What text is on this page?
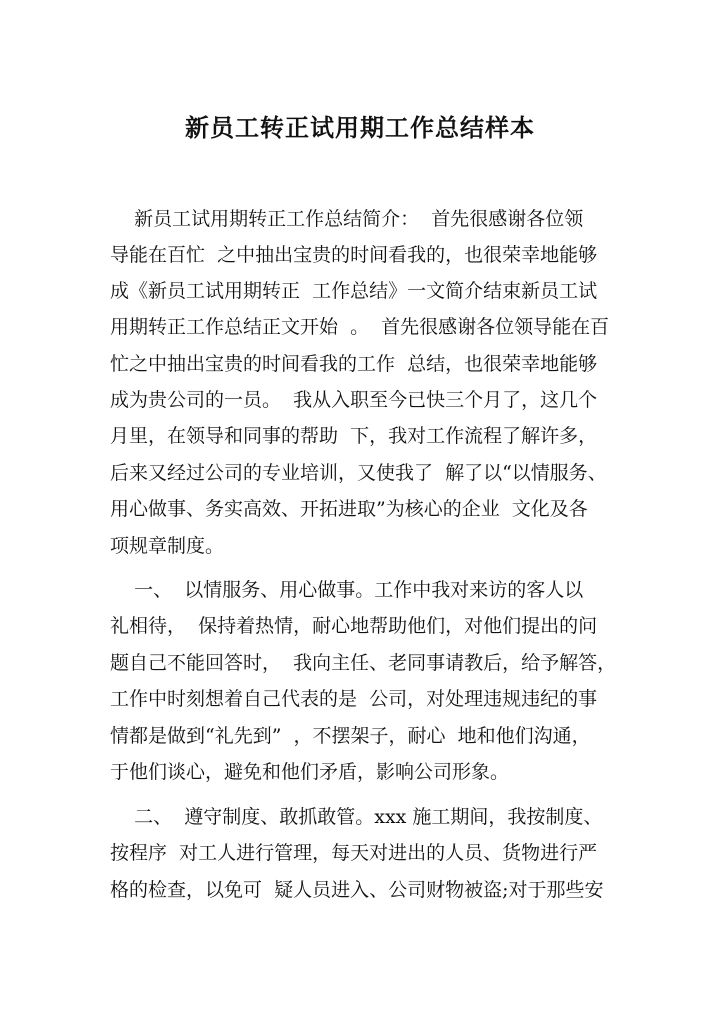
新员工转正试用期工作总结样本
新员工试用期转正工作总结简介：  首先很感谢各位领
导能在百忙  之中抽出宝贵的时间看我的，也很荣幸地能够
成《新员工试用期转正  工作总结》一文简介结束新员工试
用期转正工作总结正文开始  。  首先很感谢各位领导能在百
忙之中抽出宝贵的时间看我的工作  总结，也很荣幸地能够
成为贵公司的一员。  我从入职至今已快三个月了，这几个
月里，在领导和同事的帮助  下，我对工作流程了解许多，
后来又经过公司的专业培训，又使我了  解了以“以情服务、
用心做事、务实高效、开拓进取”为核心的企业  文化及各
项规章制度。
一、  以情服务、用心做事。工作中我对来访的客人以
礼相待，  保持着热情，耐心地帮助他们，对他们提出的问
题自己不能回答时，  我向主任、老同事请教后，给予解答，
工作中时刻想着自己代表的是  公司，对处理违规违纪的事
情都是做到“礼先到”  ，不摆架子，耐心  地和他们沟通，
于他们谈心，避免和他们矛盾，影响公司形象。
二、  遵守制度、敢抓敢管。xxx 施工期间，我按制度、
按程序  对工人进行管理，每天对进出的人员、货物进行严
格的检查，以免可  疑人员进入、公司财物被盗;对于那些安
